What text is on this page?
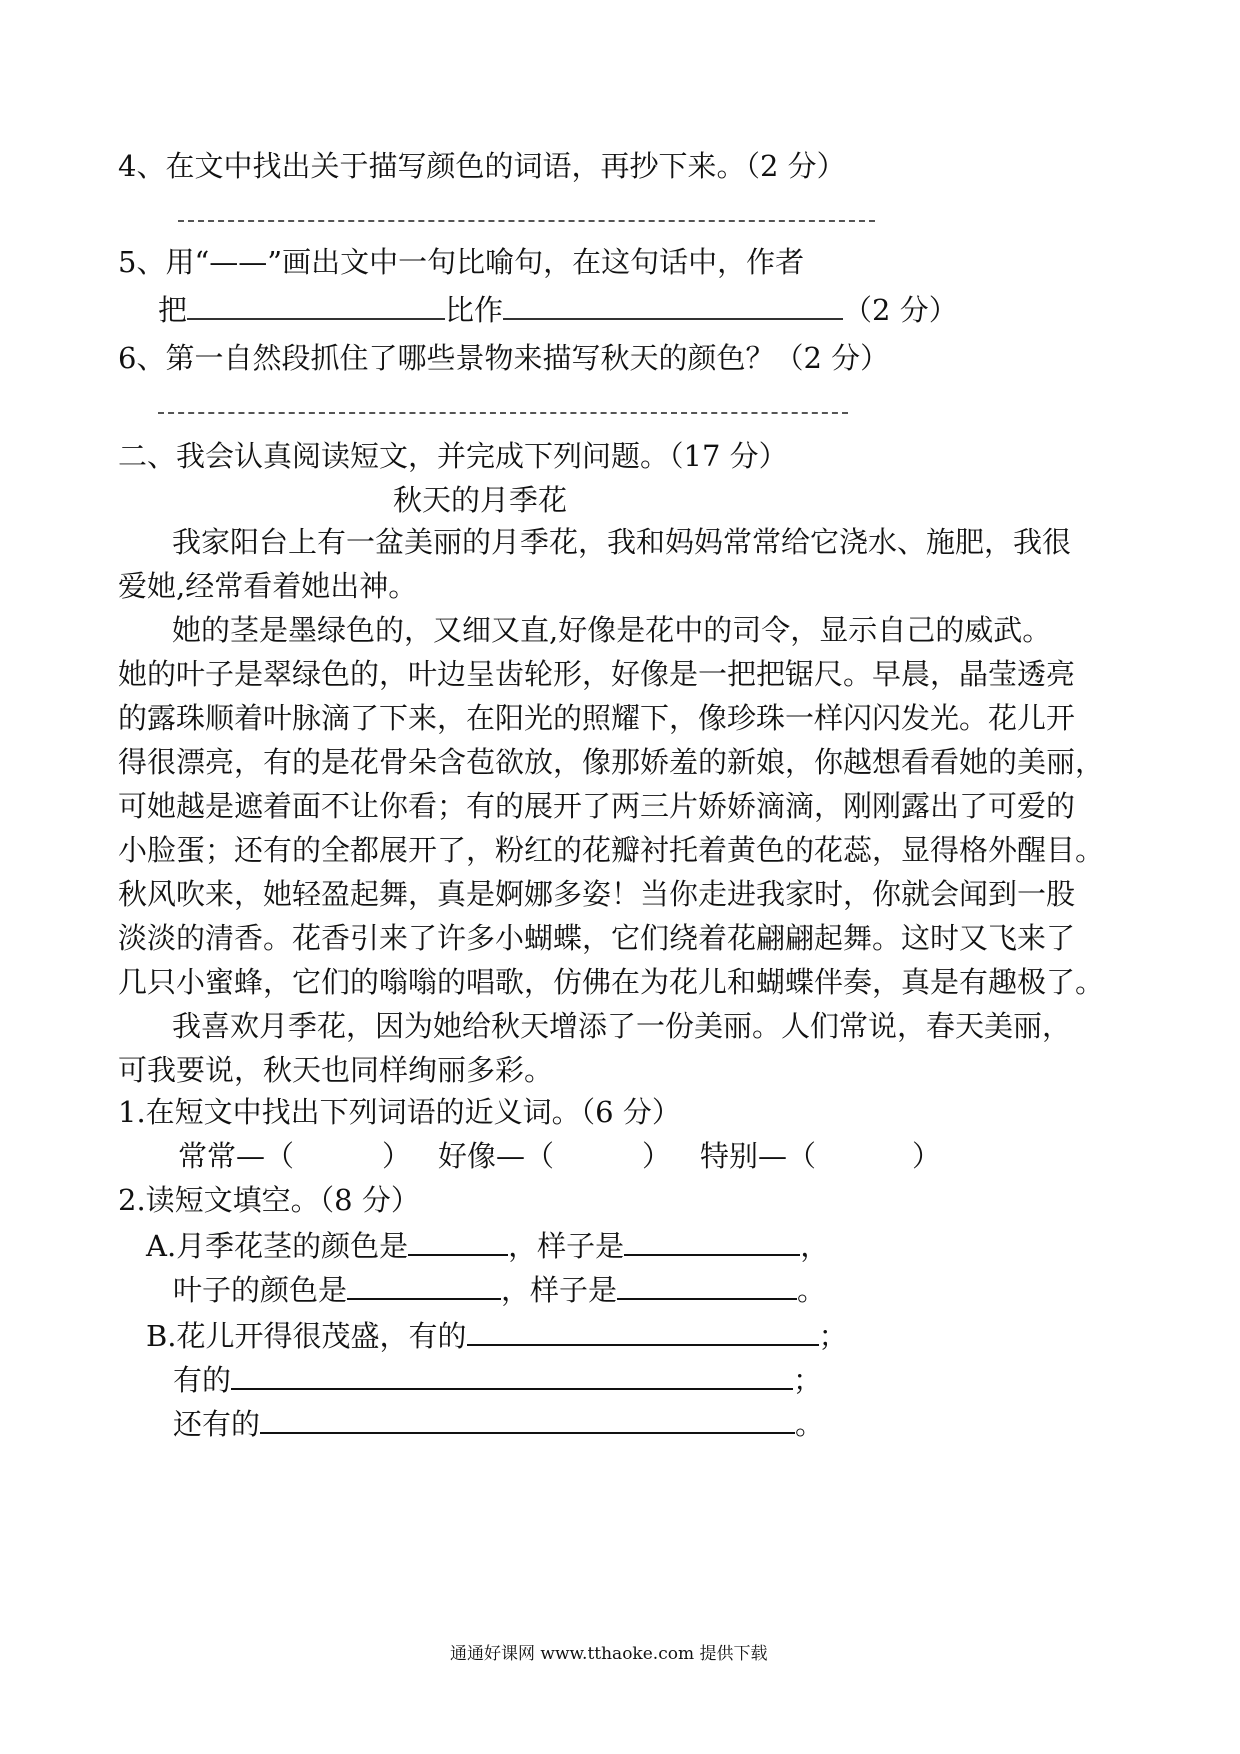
4、在文中找出关于描写颜色的词语，再抄下来。（2 分）
5、用“——”画出文中一句比喻句，在这句话中，作者
把	比作	（2 分）
6、第一自然段抓住了哪些景物来描写秋天的颜色？（2 分）
二、我会认真阅读短文，并完成下列问题。（17 分）
秋天的月季花
我家阳台上有一盆美丽的月季花，我和妈妈常常给它浇水、施肥，我很
爱她,经常看着她出神。
她的茎是墨绿色的，又细又直,好像是花中的司令，显示自己的威武。
她的叶子是翠绿色的，叶边呈齿轮形，好像是一把把锯尺。早晨，晶莹透亮
的露珠顺着叶脉滴了下来，在阳光的照耀下，像珍珠一样闪闪发光。花儿开
得很漂亮，有的是花骨朵含苞欲放，像那娇羞的新娘，你越想看看她的美丽，
可她越是遮着面不让你看；有的展开了两三片娇娇滴滴，刚刚露出了可爱的
小脸蛋；还有的全都展开了，粉红的花瓣衬托着黄色的花蕊，显得格外醒目。
秋风吹来，她轻盈起舞，真是婀娜多姿！当你走进我家时，你就会闻到一股
淡淡的清香。花香引来了许多小蝴蝶，它们绕着花翩翩起舞。这时又飞来了
几只小蜜蜂，它们的嗡嗡的唱歌，仿佛在为花儿和蝴蝶伴奏，真是有趣极了。
我喜欢月季花，因为她给秋天增添了一份美丽。人们常说，春天美丽，
可我要说，秋天也同样绚丽多彩。
1.在短文中找出下列词语的近义词。（6 分）
常常—（	） 好像—（	） 特别—（	）
2.读短文填空。（8 分）
A.月季花茎的颜色是	，样子是	，
叶子的颜色是	，样子是	。
B.花儿开得很茂盛，有的	；
有的	；
还有的	。
通通好课网 www.tthaoke.com 提供下载
